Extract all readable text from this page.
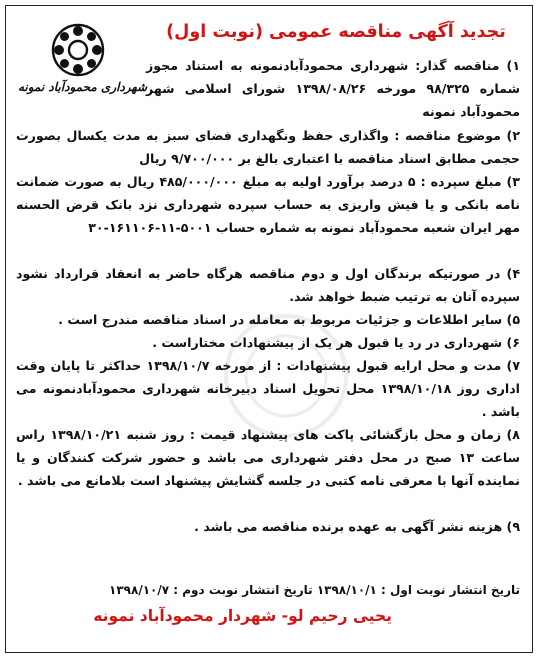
شهرداری محمودآباد نمونه
تجدید آگهی مناقصه عمومی (نوبت اول)

۱) مناقصه گذار: شهرداری محمودآبادنمونه به استناد مجوز شماره ۹۸/۳۲۵ مورخه ۱۳۹۸/۰۸/۲۶ شورای اسلامی شهر محمودآباد نمونه

۲) موضوع مناقصه : واگذاری حفظ ونگهداری فضای سبز به مدت یکسال بصورت حجمی مطابق اسناد مناقصه با اعتباری بالغ بر ۹/۷۰۰/۰۰۰ ریال

۳) مبلغ سپرده : ۵ درصد برآورد اولیه به مبلغ ۴۸۵/۰۰۰/۰۰۰ ریال به صورت ضمانت نامه بانکی و یا فیش واریزی به حساب سپرده شهرداری نزد بانک قرض الحسنه مهر ایران شعبه محمودآباد نمونه به شماره حساب ۵۰۰۱-۱۱-۱۶۱۱۰۶-۳۰

۴) در صورتیکه برندگان اول و دوم مناقصه هرگاه حاضر به انعقاد قرارداد نشود سپرده آنان به ترتیب ضبط خواهد شد.

۵) سایر اطلاعات و جزئیات مربوط به معامله در اسناد مناقصه مندرج است .

۶) شهرداری در رد یا قبول هر یک از پیشنهادات مختاراست .

۷) مدت و محل ارایه قبول پیشنهادات : از مورخه ۱۳۹۸/۱۰/۷ حداکثر تا پایان وقت اداری روز ۱۳۹۸/۱۰/۱۸ محل تحویل اسناد دبیرخانه شهرداری محمودآبادنمونه می باشد .

۸) زمان و محل بازگشائی پاکت های پیشنهاد قیمت : روز شنبه ۱۳۹۸/۱۰/۲۱ راس ساعت ۱۳ صبح در محل دفتر شهرداری می باشد و حضور شرکت کنندگان و یا نماینده آنها با معرفی نامه کتبی در جلسه گشایش پیشنهاد است بلامانع می باشد .

۹) هزینه نشر آگهی به عهده برنده مناقصه می باشد .

تاریخ انتشار نوبت اول : ۱۳۹۸/۱۰/۱ تاریخ انتشار نوبت دوم : ۱۳۹۸/۱۰/۷
یحیی رحیم لو- شهردار محمودآباد نمونه
